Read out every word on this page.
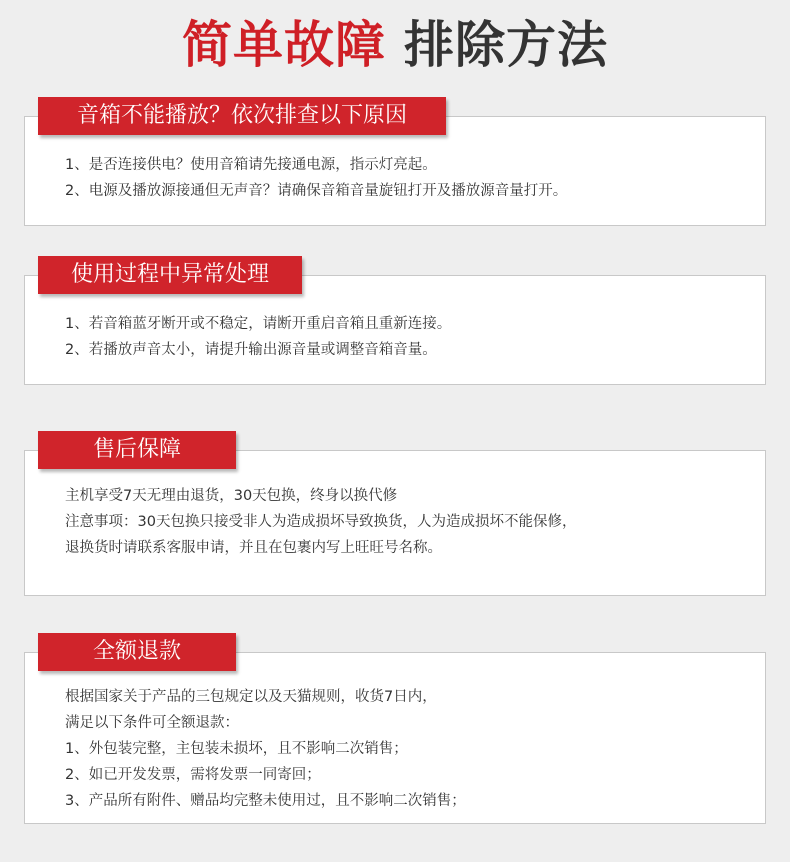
简单故障 排除方法
音箱不能播放？依次排查以下原因
1、是否连接供电？使用音箱请先接通电源，指示灯亮起。
2、电源及播放源接通但无声音？请确保音箱音量旋钮打开及播放源音量打开。
使用过程中异常处理
1、若音箱蓝牙断开或不稳定，请断开重启音箱且重新连接。
2、若播放声音太小，请提升输出源音量或调整音箱音量。
售后保障
主机享受7天无理由退货，30天包换，终身以换代修
注意事项：30天包换只接受非人为造成损坏导致换货，人为造成损坏不能保修，
退换货时请联系客服申请，并且在包裹内写上旺旺号名称。
全额退款
根据国家关于产品的三包规定以及天猫规则，收货7日内，
满足以下条件可全额退款：
1、外包装完整，主包装未损坏，且不影响二次销售；
2、如已开发发票，需将发票一同寄回；
3、产品所有附件、赠品均完整未使用过，且不影响二次销售；
